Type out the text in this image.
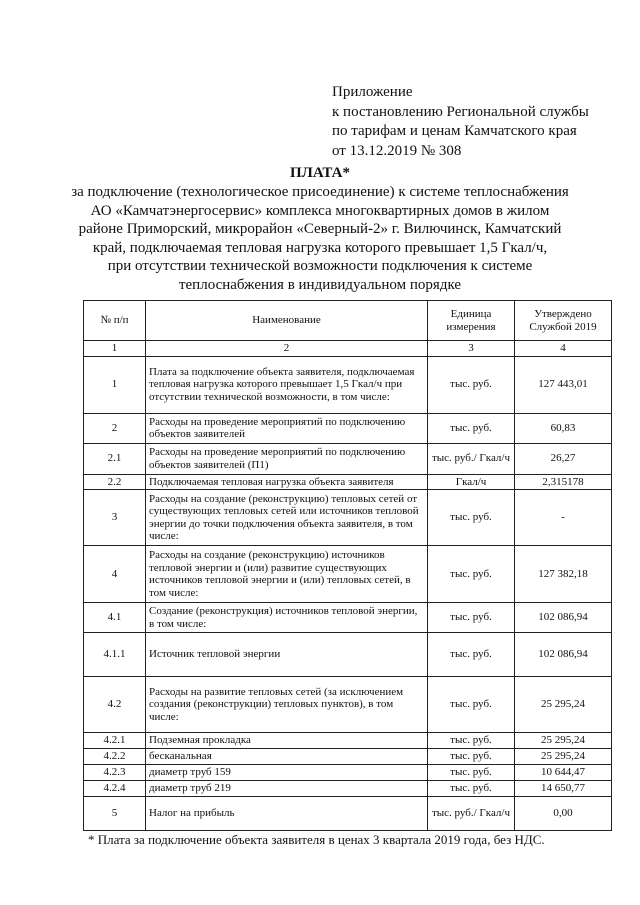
Приложение
к постановлению Региональной службы
по тарифам и ценам Камчатского края
от 13.12.2019 № 308
ПЛАТА*
за подключение (технологическое присоединение) к системе теплоснабжения
АО «Камчатэнергосервис» комплекса многоквартирных домов в жилом
районе Приморский, микрорайон «Северный-2» г. Вилючинск, Камчатский
край, подключаемая тепловая нагрузка которого превышает 1,5 Гкал/ч,
при отсутствии технической возможности подключения к системе
теплоснабжения в индивидуальном порядке
№ п/п	Наименование	Единица измерения	Утверждено Службой 2019
1	2	3	4
1	Плата за подключение объекта заявителя, подключаемая тепловая нагрузка которого превышает 1,5 Гкал/ч при отсутствии технической возможности, в том числе:	тыс. руб.	127 443,01
2	Расходы на проведение мероприятий по подключению объектов заявителей	тыс. руб.	60,83
2.1	Расходы на проведение мероприятий по подключению объектов заявителей (П1)	тыс. руб./ Гкал/ч	26,27
2.2	Подключаемая тепловая нагрузка объекта заявителя	Гкал/ч	2,315178
3	Расходы на создание (реконструкцию) тепловых сетей от существующих тепловых сетей или источников тепловой энергии до точки подключения объекта заявителя, в том числе:	тыс. руб.	-
4	Расходы на создание (реконструкцию) источников тепловой энергии и (или) развитие существующих источников тепловой энергии и (или) тепловых сетей, в том числе:	тыс. руб.	127 382,18
4.1	Создание (реконструкция) источников тепловой энергии, в том числе:	тыс. руб.	102 086,94
4.1.1	Источник тепловой энергии	тыс. руб.	102 086,94
4.2	Расходы на развитие тепловых сетей (за исключением создания (реконструкции) тепловых пунктов), в том числе:	тыс. руб.	25 295,24
4.2.1	Подземная прокладка	тыс. руб.	25 295,24
4.2.2	бесканальная	тыс. руб.	25 295,24
4.2.3	диаметр труб 159	тыс. руб.	10 644,47
4.2.4	диаметр труб 219	тыс. руб.	14 650,77
5	Налог на прибыль	тыс. руб./ Гкал/ч	0,00
* Плата за подключение объекта заявителя в ценах 3 квартала 2019 года, без НДС.
